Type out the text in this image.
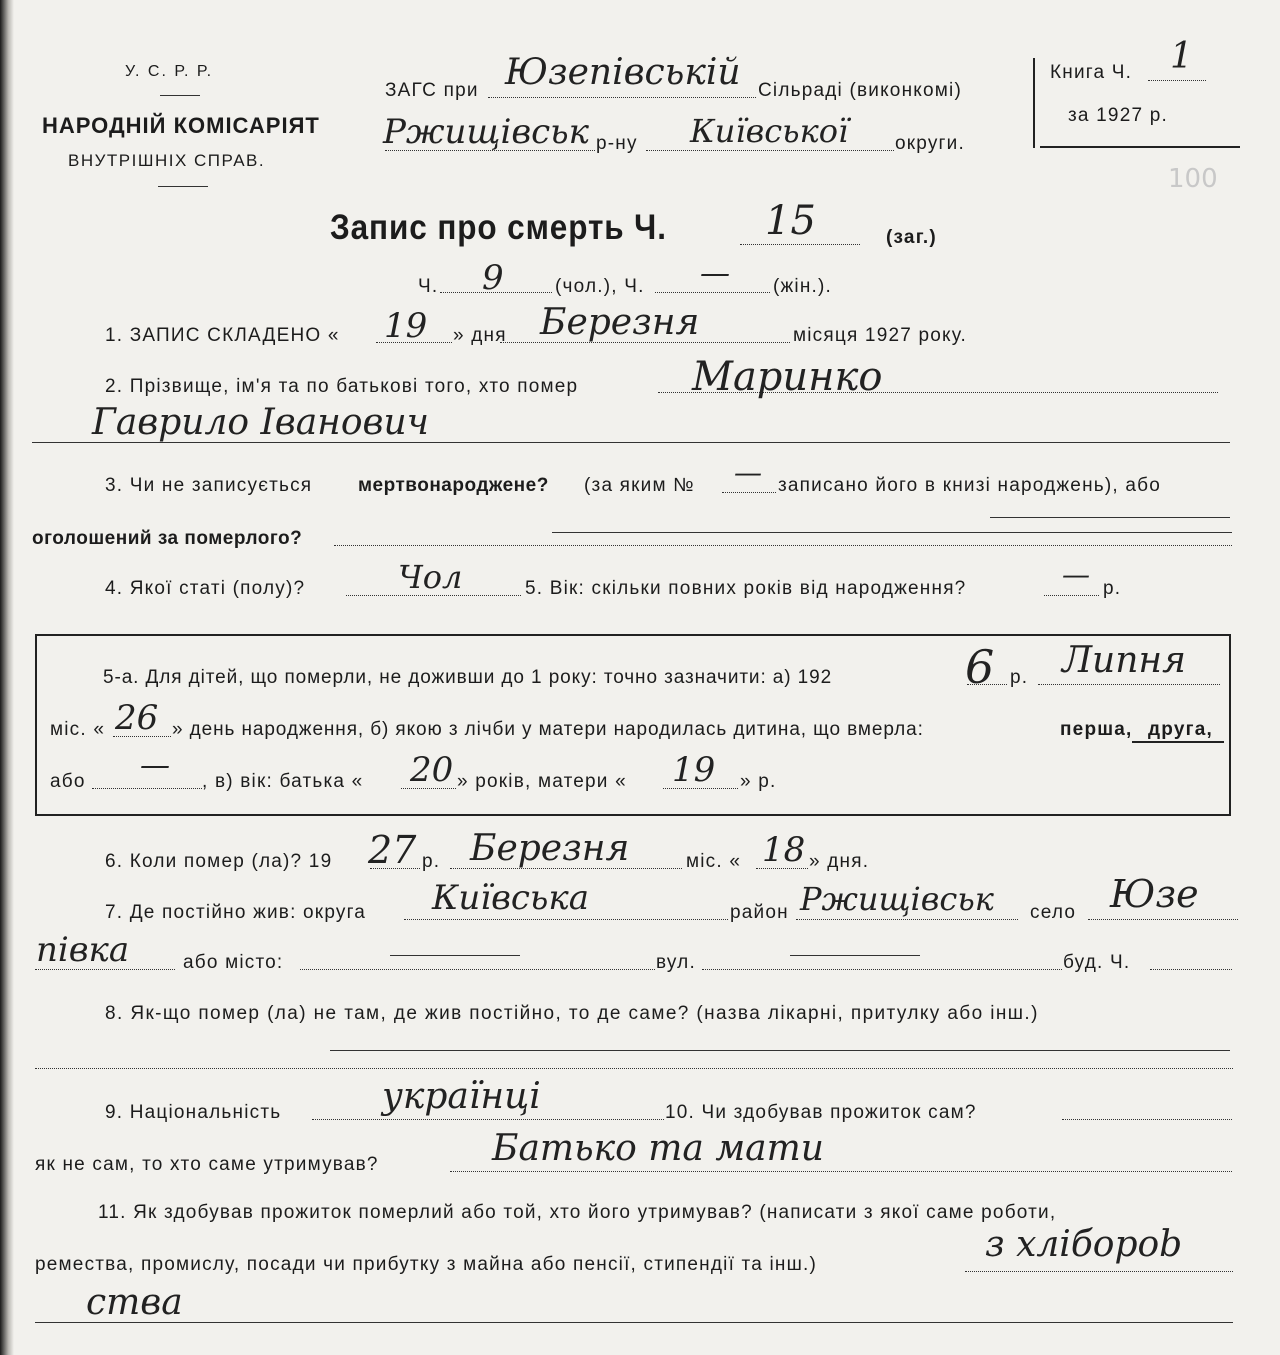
У. С. Р. Р.
НАРОДНІЙ КОМІСАРІЯТ
ВНУТРІШНІХ СПРАВ.
ЗАГС при Юзепівській Сільраді (виконкомі)
Ржищівськ р-ну Київської округи.
Книга Ч. 1
за 1927 р.
100
Запис про смерть Ч. 15	(заг.)
Ч. 9	(чол.), Ч. — (жін.).
1. ЗАПИС СКЛАДЕНО « 19 » дня Березня	місяця 1927 року.
2. Прізвище, ім'я та по батькові того, хто помер	Маринко
Гаврило Іванович
3. Чи не записується мертвонароджене? (за яким № — записано його в книзі народжень), або
оголошений за померлого?
4. Якої статі (полу)?	Чол	5. Вік: скільки повних років від народження?	— р.
5-а. Для дітей, що померли, не доживши до 1 року: точно зазначити: а) 192	6 р. Липня
міс. « 26 » день народження, б) якою з лічби у матери народилась дитина, що вмерла:	перша, друга,
або — , в) вік: батька « 20 » років, матери « 19 » р.
6. Коли помер (ла)? 19 27 р. Березня	міс. « 18 » дня.
7. Де постійно жив: округа Київська	район Ржищівськ село Юзе
півка	або місто:	вул.	буд. Ч.
8. Як-що помер (ла) не там, де жив постійно, то де саме? (назва лікарні, притулку або інш.)
9. Національність	українці	10. Чи здобував прожиток сам?
як не сам, то хто саме утримував?	Батько та мати
11. Як здобував прожиток померлий або той, хто його утримував? (написати з якої саме роботи,
ремества, промислу, посади чи прибутку з майна або пенсії, стипендії та інш.)	з хліборob
ства
